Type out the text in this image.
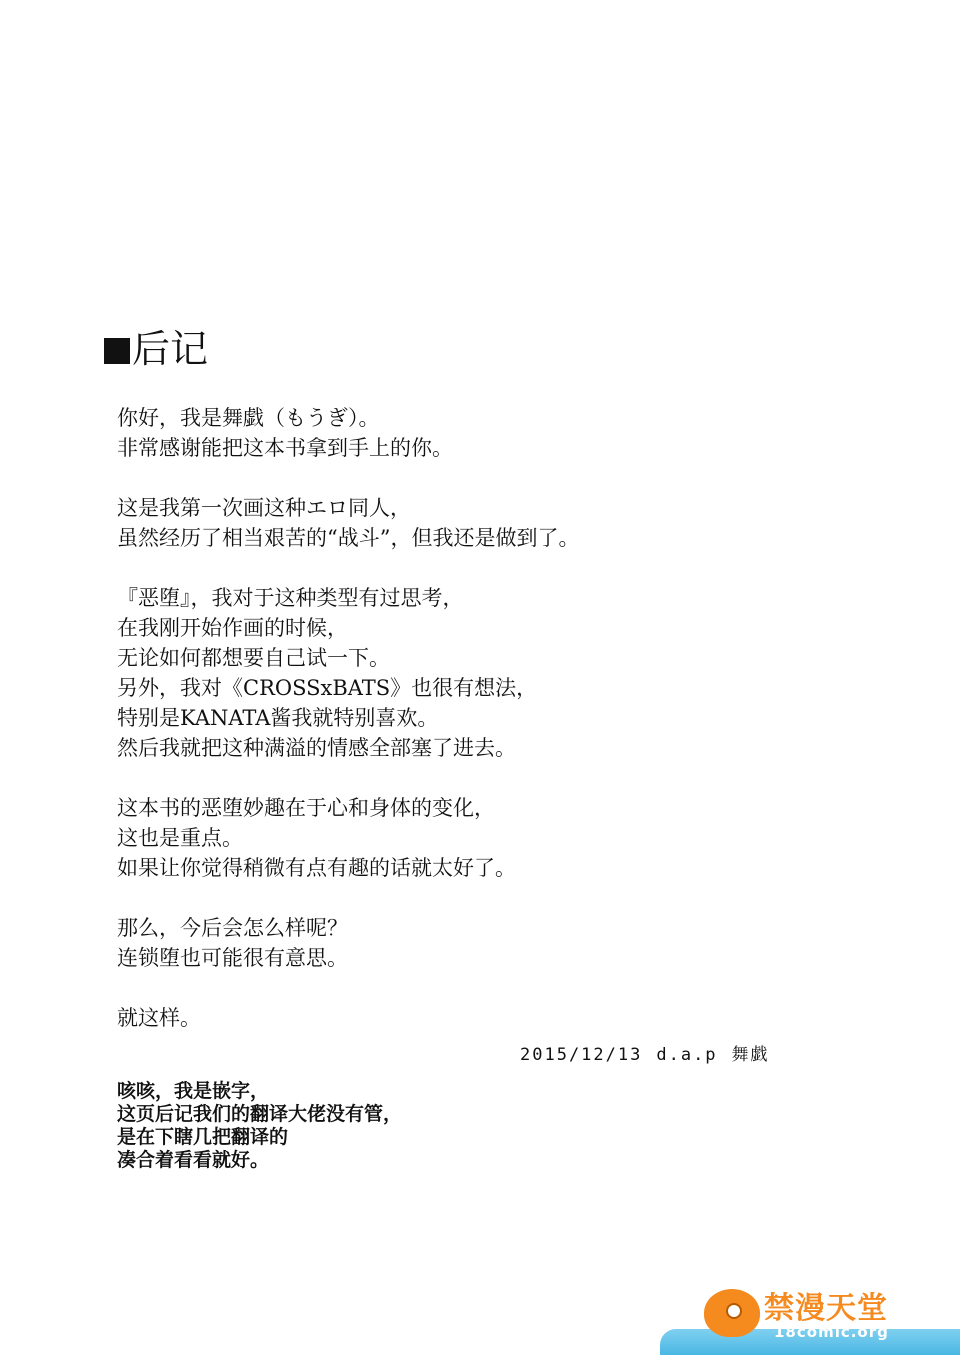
后记
你好，我是舞戯（もうぎ）。
非常感谢能把这本书拿到手上的你。
这是我第一次画这种エロ同人，
虽然经历了相当艰苦的“战斗”，但我还是做到了。
『恶堕』，我对于这种类型有过思考，
在我刚开始作画的时候，
无论如何都想要自己试一下。
另外，我对《CROSSxBATS》也很有想法，
特别是KANATA酱我就特别喜欢。
然后我就把这种满溢的情感全部塞了进去。
这本书的恶堕妙趣在于心和身体的变化，
这也是重点。
如果让你觉得稍微有点有趣的话就太好了。
那么，今后会怎么样呢？
连锁堕也可能很有意思。
就这样。
2015/12/13 d.a.p 舞戯
咳咳，我是嵌字，
这页后记我们的翻译大佬没有管，
是在下瞎几把翻译的
凑合着看看就好。
禁漫天堂
18comic.org
